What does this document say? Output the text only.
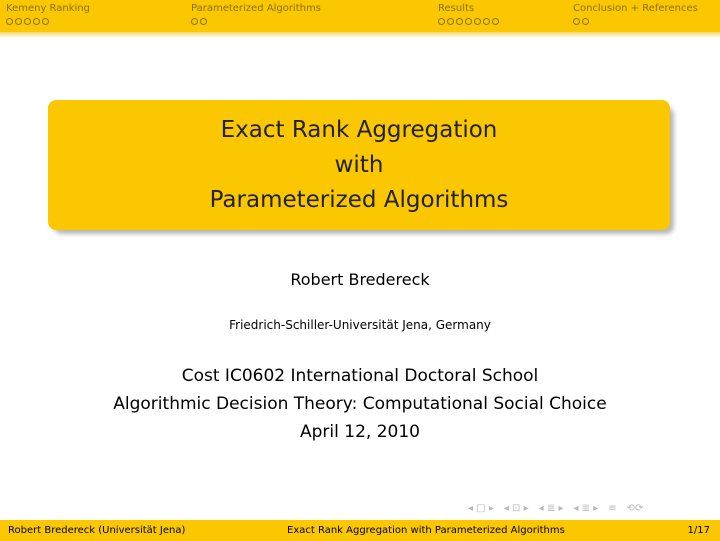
Kemeny Ranking	Parameterized Algorithms	Results	Conclusion + References
Exact Rank Aggregation
with
Parameterized Algorithms
Robert Bredereck
Friedrich-Schiller-Universität Jena, Germany
Cost IC0602 International Doctoral School
Algorithmic Decision Theory: Computational Social Choice
April 12, 2010
◂ □ ▸ ◂ ⊡ ▸ ◂ ≣ ▸ ◂ ≣ ▸ ≡ ⟲⟳
Robert Bredereck (Universität Jena)	Exact Rank Aggregation with Parameterized Algorithms	1/17
